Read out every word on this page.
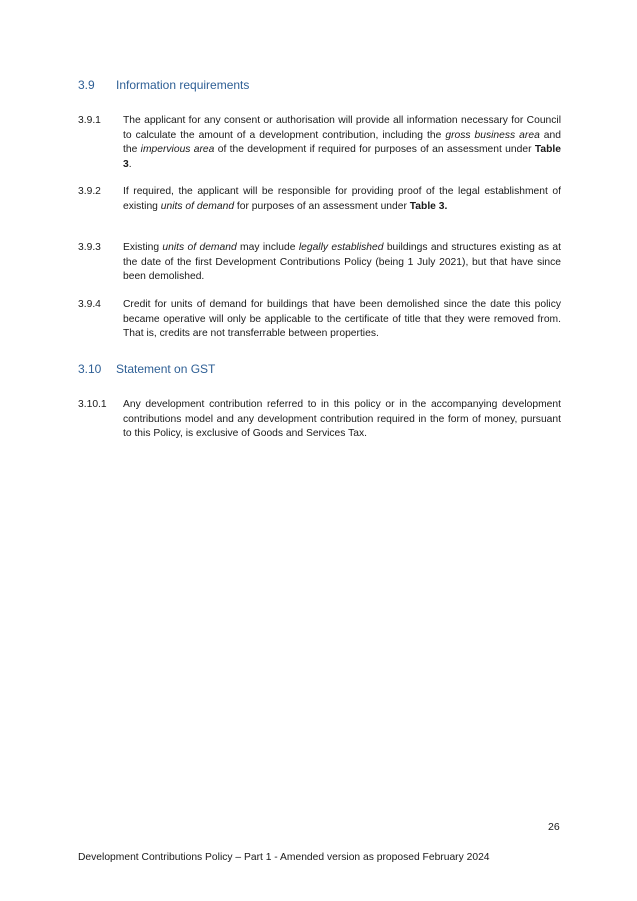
3.9	Information requirements
3.9.1	The applicant for any consent or authorisation will provide all information necessary for Council to calculate the amount of a development contribution, including the gross business area and the impervious area of the development if required for purposes of an assessment under Table 3.
3.9.2	If required, the applicant will be responsible for providing proof of the legal establishment of existing units of demand for purposes of an assessment under Table 3.
3.9.3	Existing units of demand may include legally established buildings and structures existing as at the date of the first Development Contributions Policy (being 1 July 2021), but that have since been demolished.
3.9.4	Credit for units of demand for buildings that have been demolished since the date this policy became operative will only be applicable to the certificate of title that they were removed from. That is, credits are not transferrable between properties.
3.10	Statement on GST
3.10.1	Any development contribution referred to in this policy or in the accompanying development contributions model and any development contribution required in the form of money, pursuant to this Policy, is exclusive of Goods and Services Tax.
26
Development Contributions Policy – Part 1 - Amended version as proposed February 2024
